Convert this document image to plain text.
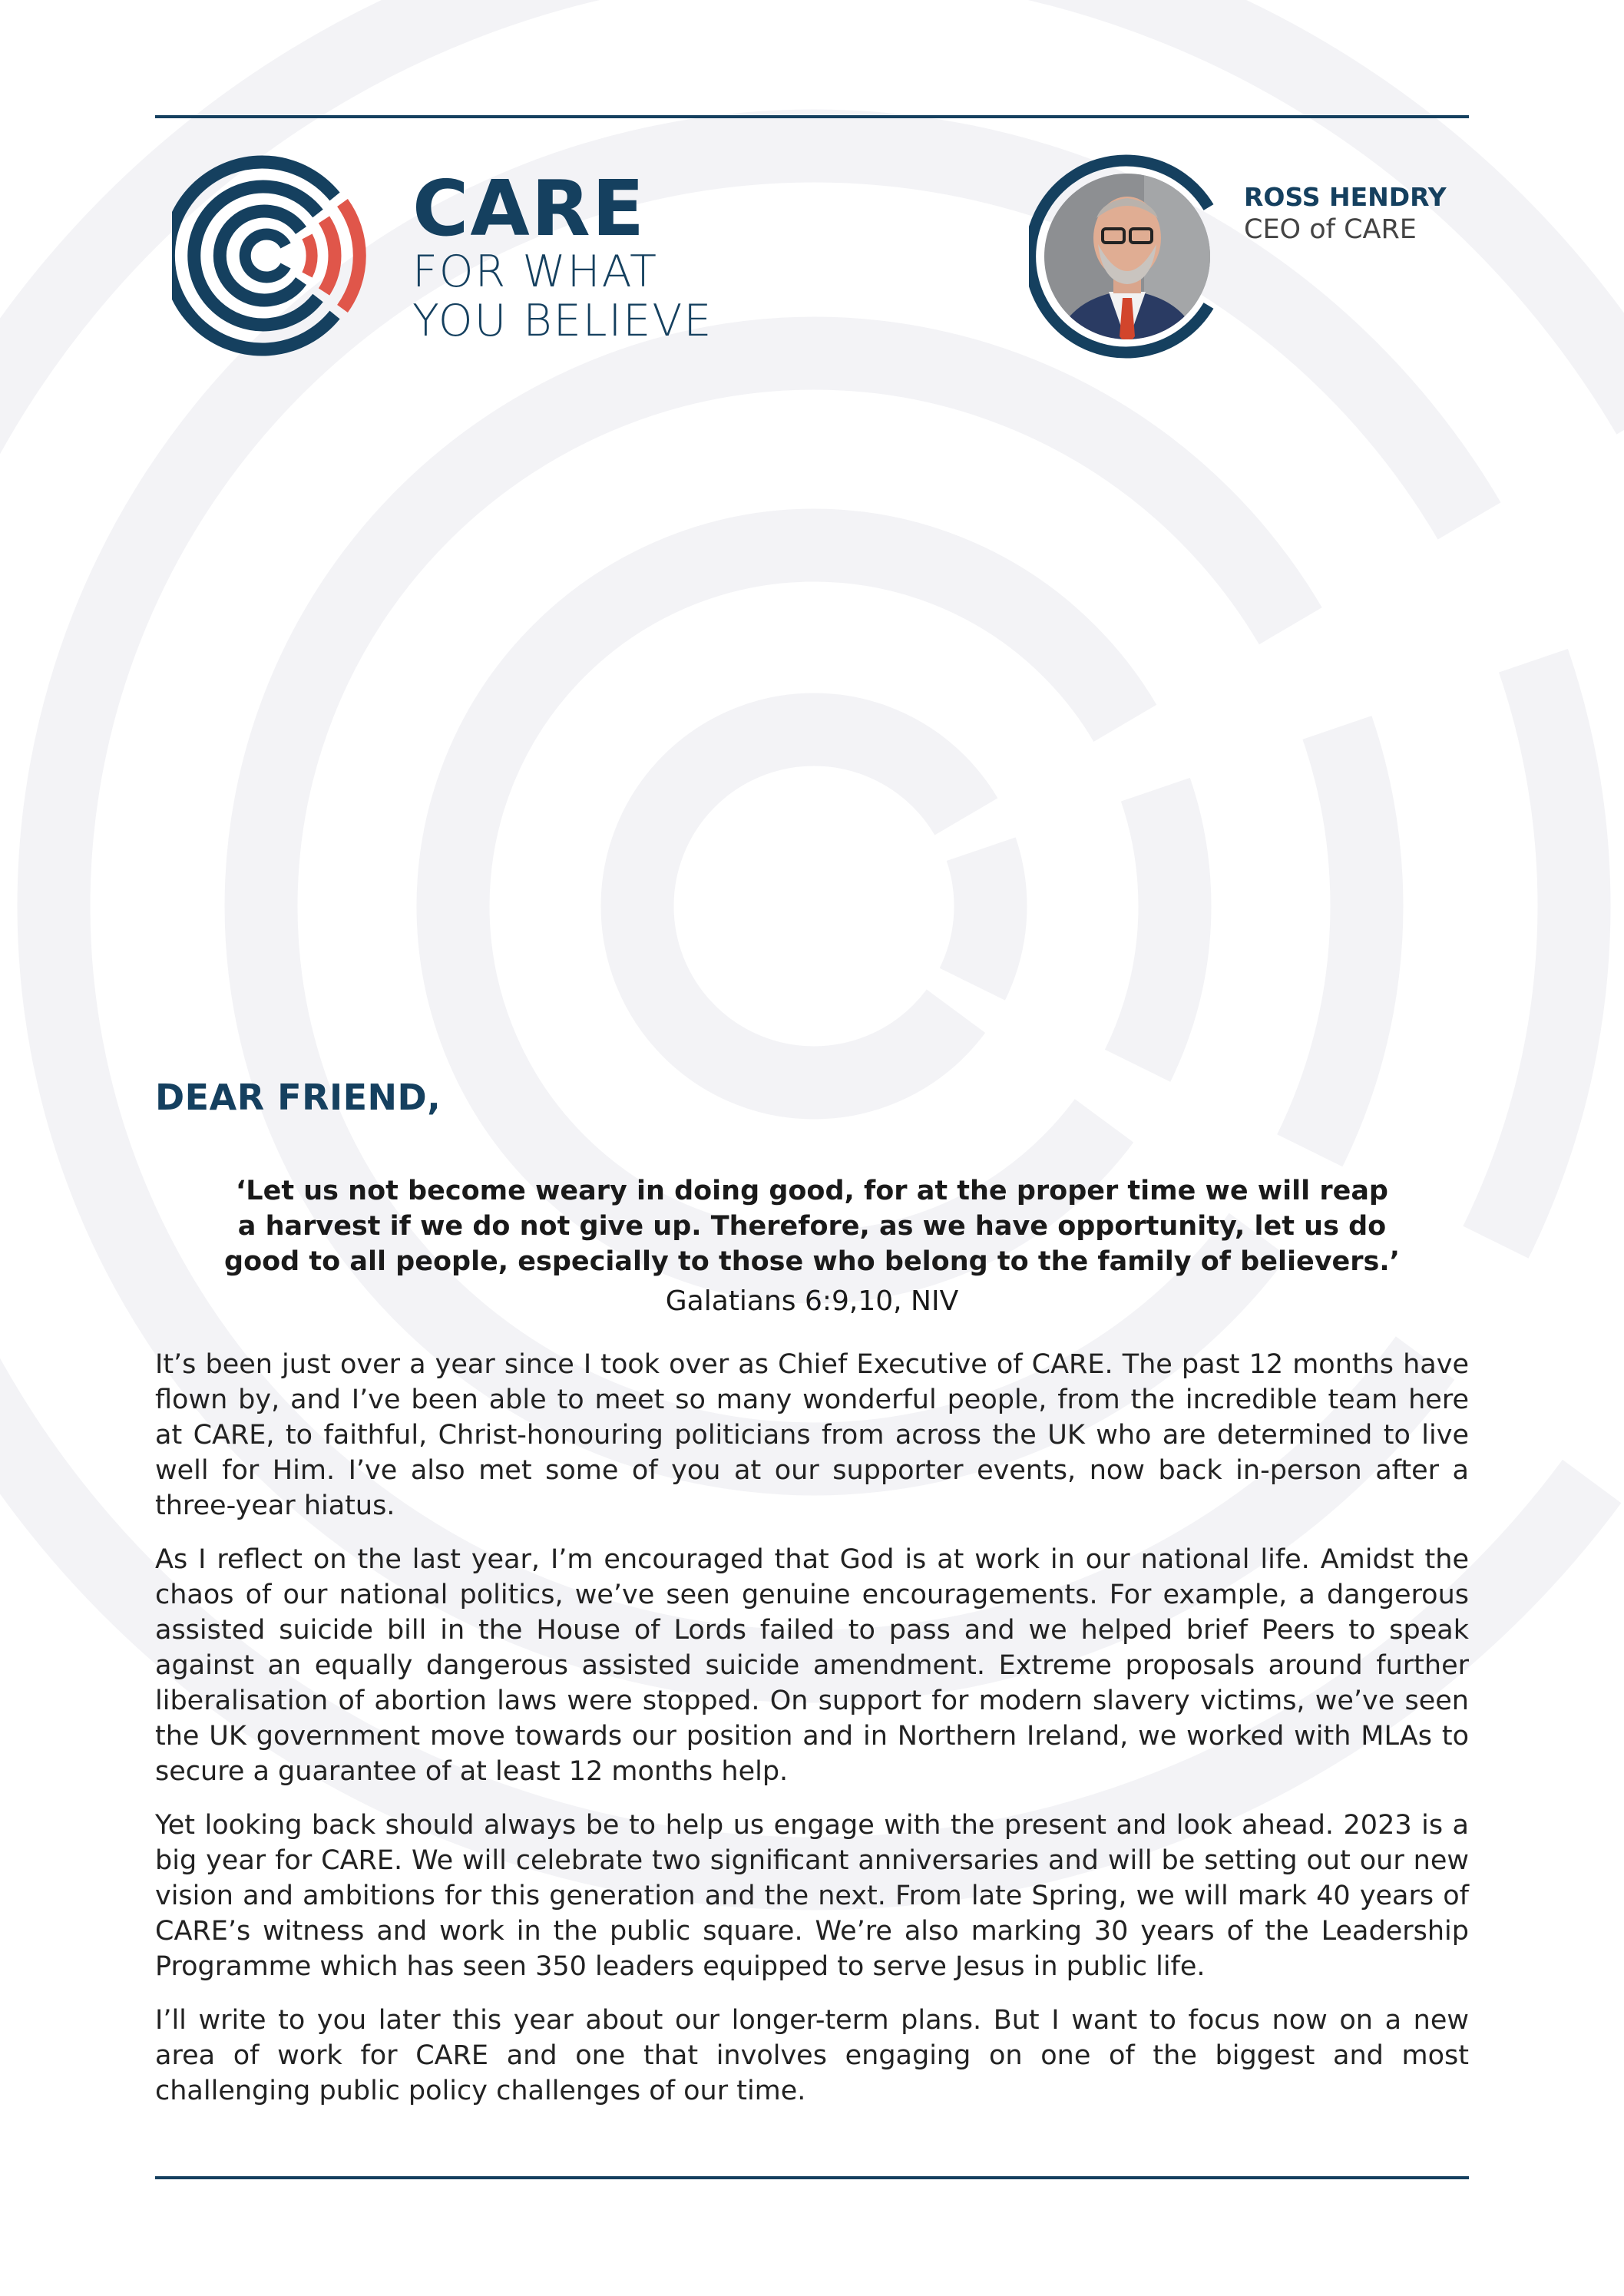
CARE
FOR WHAT
YOU BELIEVE
ROSS HENDRY
CEO of CARE
DEAR FRIEND,

‘Let us not become weary in doing good, for at the proper time we will reap

a harvest if we do not give up. Therefore, as we have opportunity, let us do

good to all people, especially to those who belong to the family of believers.’

Galatians 6:9,10, NIV

It’s been just over a year since I took over as Chief Executive of CARE. The past 12 months have flown by, and I’ve been able to meet so many wonderful people, from the incredible team here at CARE, to faithful, Christ-honouring politicians from across the UK who are determined to live well for Him. I’ve also met some of you at our supporter events, now back in-person after a three-year hiatus.

As I reflect on the last year, I’m encouraged that God is at work in our national life. Amidst the chaos of our national politics, we’ve seen genuine encouragements. For example, a dangerous assisted suicide bill in the House of Lords failed to pass and we helped brief Peers to speak against an equally dangerous assisted suicide amendment. Extreme proposals around further liberalisation of abortion laws were stopped. On support for modern slavery victims, we’ve seen the UK government move towards our position and in Northern Ireland, we worked with MLAs to secure a guarantee of at least 12 months help.

Yet looking back should always be to help us engage with the present and look ahead. 2023 is a big year for CARE. We will celebrate two significant anniversaries and will be setting out our new vision and ambitions for this generation and the next. From late Spring, we will mark 40 years of CARE’s witness and work in the public square. We’re also marking 30 years of the Leadership Programme which has seen 350 leaders equipped to serve Jesus in public life.

I’ll write to you later this year about our longer-term plans. But I want to focus now on a new area of work for CARE and one that involves engaging on one of the biggest and most challenging public policy challenges of our time.
